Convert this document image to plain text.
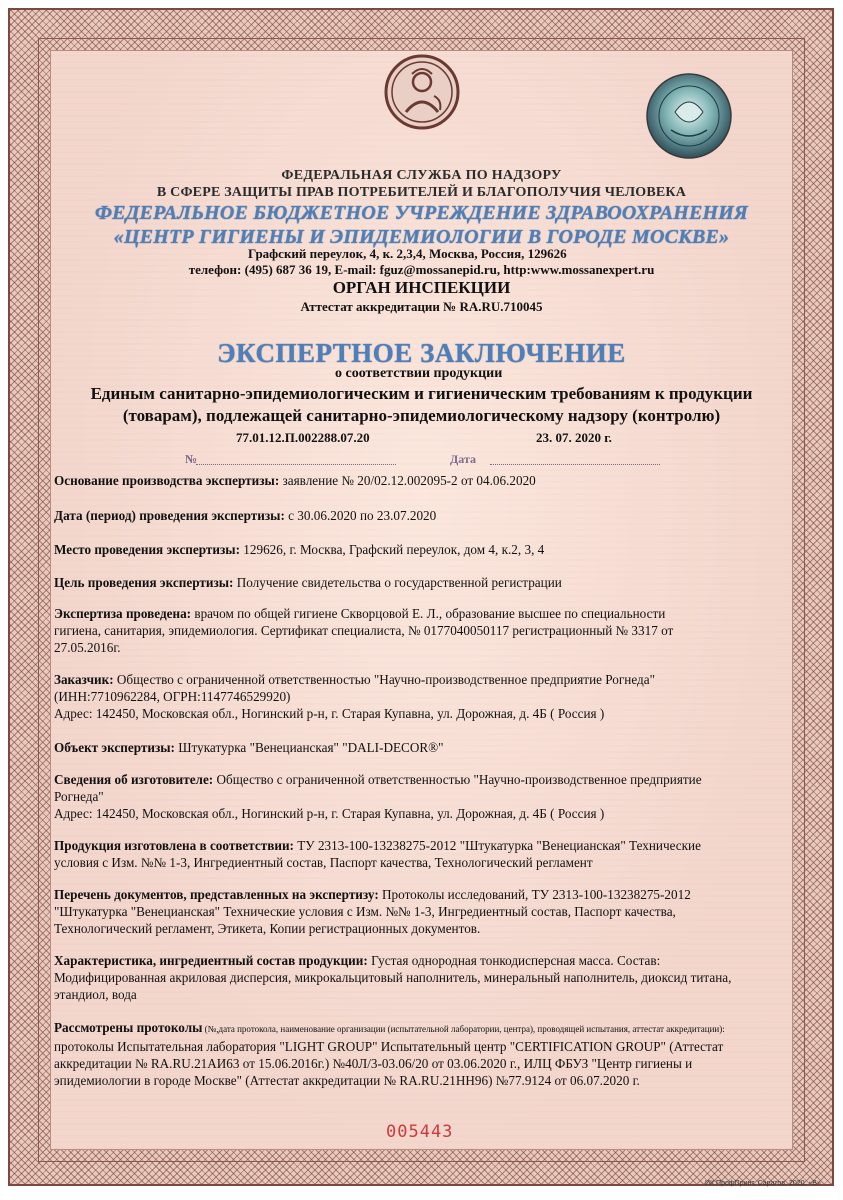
ФЕДЕРАЛЬНАЯ СЛУЖБА ПО НАДЗОРУ
В СФЕРЕ ЗАЩИТЫ ПРАВ ПОТРЕБИТЕЛЕЙ И БЛАГОПОЛУЧИЯ ЧЕЛОВЕКА
ФЕДЕРАЛЬНОЕ БЮДЖЕТНОЕ УЧРЕЖДЕНИЕ ЗДРАВООХРАНЕНИЯ
«ЦЕНТР ГИГИЕНЫ И ЭПИДЕМИОЛОГИИ В ГОРОДЕ МОСКВЕ»
Графский переулок, 4, к. 2,3,4, Москва, Россия, 129626
телефон: (495) 687 36 19, E-mail: fguz@mossanepid.ru, http:www.mossanexpert.ru
ОРГАН ИНСПЕКЦИИ
Аттестат аккредитации № RA.RU.710045
ЭКСПЕРТНОЕ ЗАКЛЮЧЕНИЕ
о соответствии продукции
Единым санитарно-эпидемиологическим и гигиеническим требованиям к продукции
(товарам), подлежащей санитарно-эпидемиологическому надзору (контролю)
77.01.12.П.002288.07.20	23. 07. 2020 г.
№	Дата
Основание производства экспертизы: заявление № 20/02.12.002095-2 от 04.06.2020
Дата (период) проведения экспертизы: с 30.06.2020 по 23.07.2020
Место проведения экспертизы: 129626, г. Москва, Графский переулок, дом 4, к.2, 3, 4
Цель проведения экспертизы: Получение свидетельства о государственной регистрации
Экспертиза проведена: врачом по общей гигиене Скворцовой Е. Л., образование высшее по специальности
гигиена, санитария, эпидемиология. Сертификат специалиста, № 0177040050117 регистрационный № 3317 от
27.05.2016г.
Заказчик: Общество с ограниченной ответственностью "Научно-производственное предприятие Рогнеда"
(ИНН:7710962284, ОГРН:1147746529920)
Адрес: 142450, Московская обл., Ногинский р-н, г. Старая Купавна, ул. Дорожная, д. 4Б ( Россия )
Объект экспертизы: Штукатурка "Венецианская" "DALI-DECOR®"
Сведения об изготовителе: Общество с ограниченной ответственностью "Научно-производственное предприятие
Рогнеда"
Адрес: 142450, Московская обл., Ногинский р-н, г. Старая Купавна, ул. Дорожная, д. 4Б ( Россия )
Продукция изготовлена в соответствии: ТУ 2313-100-13238275-2012 "Штукатурка "Венецианская" Технические
условия с Изм. №№ 1-3, Ингредиентный состав, Паспорт качества, Технологический регламент
Перечень документов, представленных на экспертизу: Протоколы исследований, ТУ 2313-100-13238275-2012
"Штукатурка "Венецианская" Технические условия с Изм. №№ 1-3, Ингредиентный состав, Паспорт качества,
Технологический регламент, Этикета, Копии регистрационных документов.
Характеристика, ингредиентный состав продукции: Густая однородная тонкодисперсная масса. Состав:
Модифицированная акриловая дисперсия, микрокальцитовый наполнитель, минеральный наполнитель, диоксид титана,
этандиол, вода
Рассмотрены протоколы (№,дата протокола, наименование организации (испытательной лаборатории, центра), проводящей испытания, аттестат аккредитации):
протоколы Испытательная лаборатория "LIGHT GROUP" Испытательный центр "CERTIFICATION GROUP" (Аттестат
аккредитации № RA.RU.21АИ63 от 15.06.2016г.) №40Л/3-03.06/20 от 03.06.2020 г., ИЛЦ ФБУЗ "Центр гигиены и
эпидемиологии в городе Москве" (Аттестат аккредитации № RA.RU.21НН96) №77.9124 от 06.07.2020 г.
005443
ИК ПрофПринт, Саратов, 2020, «В»
